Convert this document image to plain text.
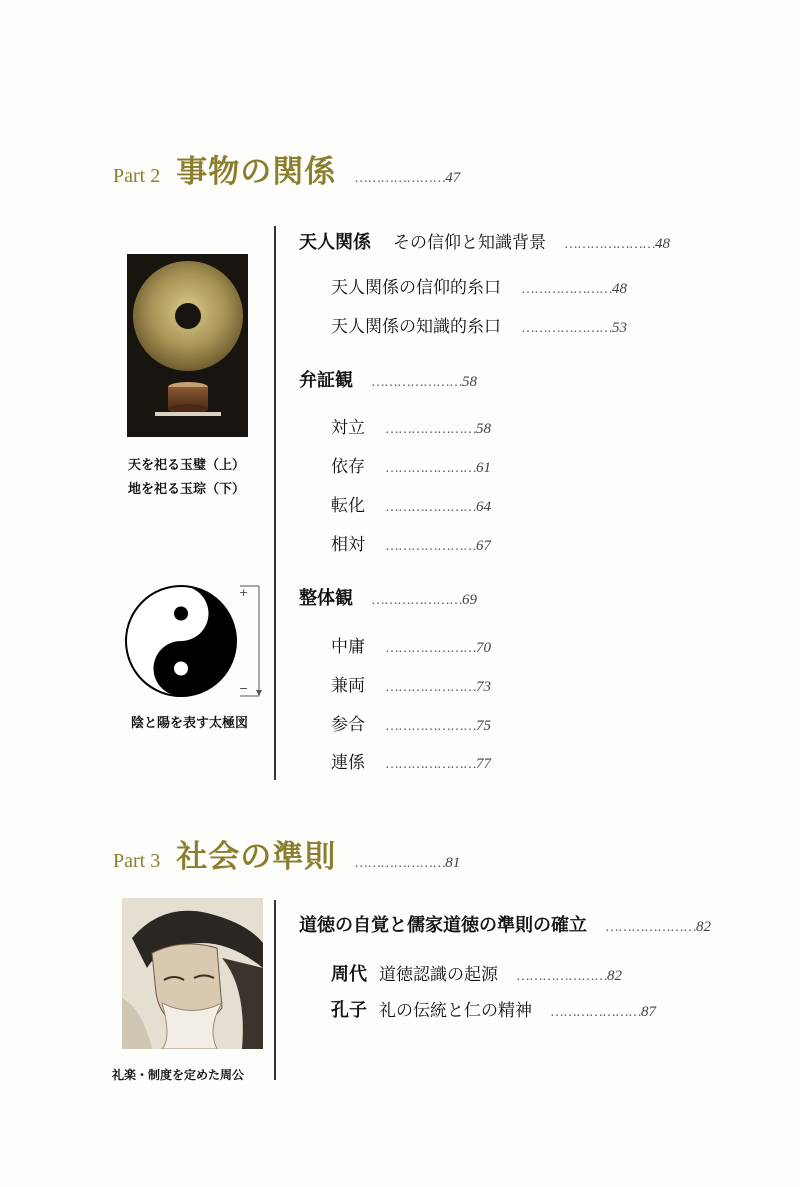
Part 2 事物の関係 ………………… 47
天を祀る玉璧（上）
地を祀る玉琮（下）
+
−
陰と陽を表す太極図
天人関係 その信仰と知識背景 ………………… 48
天人関係の信仰的糸口 ………………… 48
天人関係の知識的糸口 ………………… 53
弁証観 ………………… 58
対立 ………………… 58
依存 ………………… 61
転化 ………………… 64
相対 ………………… 67
整体観 ………………… 69
中庸 ………………… 70
兼両 ………………… 73
参合 ………………… 75
連係 ………………… 77
Part 3 社会の準則 ………………… 81
礼楽・制度を定めた周公
道徳の自覚と儒家道徳の準則の確立 ………………… 82
周代 道徳認識の起源 ………………… 82
孔子 礼の伝統と仁の精神 ………………… 87
